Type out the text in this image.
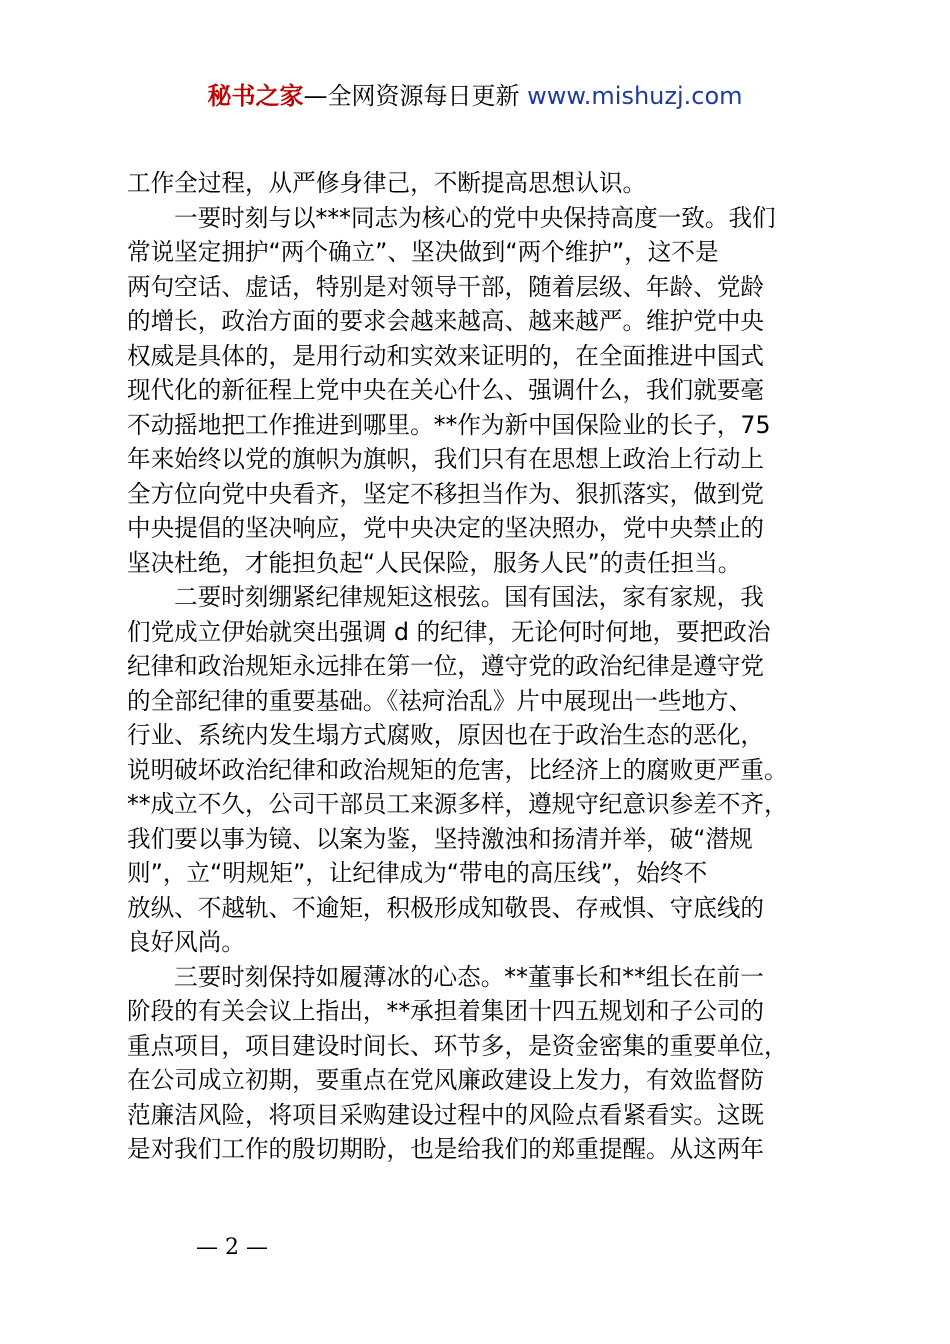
秘书之家—全网资源每日更新 www.mishuzj.com
工作全过程，从严修身律己，不断提高思想认识。
一要时刻与以***同志为核心的党中央保持高度一致。我们
常说坚定拥护“两个确立”、坚决做到“两个维护”，这不是
两句空话、虚话，特别是对领导干部，随着层级、年龄、党龄
的增长，政治方面的要求会越来越高、越来越严。维护党中央
权威是具体的，是用行动和实效来证明的，在全面推进中国式
现代化的新征程上党中央在关心什么、强调什么，我们就要毫
不动摇地把工作推进到哪里。**作为新中国保险业的长子，75
年来始终以党的旗帜为旗帜，我们只有在思想上政治上行动上
全方位向党中央看齐，坚定不移担当作为、狠抓落实，做到党
中央提倡的坚决响应，党中央决定的坚决照办，党中央禁止的
坚决杜绝，才能担负起“人民保险，服务人民”的责任担当。
二要时刻绷紧纪律规矩这根弦。国有国法，家有家规，我
们党成立伊始就突出强调 d 的纪律，无论何时何地，要把政治
纪律和政治规矩永远排在第一位，遵守党的政治纪律是遵守党
的全部纪律的重要基础。《祛疴治乱》片中展现出一些地方、
行业、系统内发生塌方式腐败，原因也在于政治生态的恶化，
说明破坏政治纪律和政治规矩的危害，比经济上的腐败更严重。
**成立不久，公司干部员工来源多样，遵规守纪意识参差不齐，
我们要以事为镜、以案为鉴，坚持激浊和扬清并举，破“潜规
则”，立“明规矩”，让纪律成为“带电的高压线”，始终不
放纵、不越轨、不逾矩，积极形成知敬畏、存戒惧、守底线的
良好风尚。
三要时刻保持如履薄冰的心态。**董事长和**组长在前一
阶段的有关会议上指出，**承担着集团十四五规划和子公司的
重点项目，项目建设时间长、环节多，是资金密集的重要单位，
在公司成立初期，要重点在党风廉政建设上发力，有效监督防
范廉洁风险，将项目采购建设过程中的风险点看紧看实。这既
是对我们工作的殷切期盼，也是给我们的郑重提醒。从这两年
— 2 —
